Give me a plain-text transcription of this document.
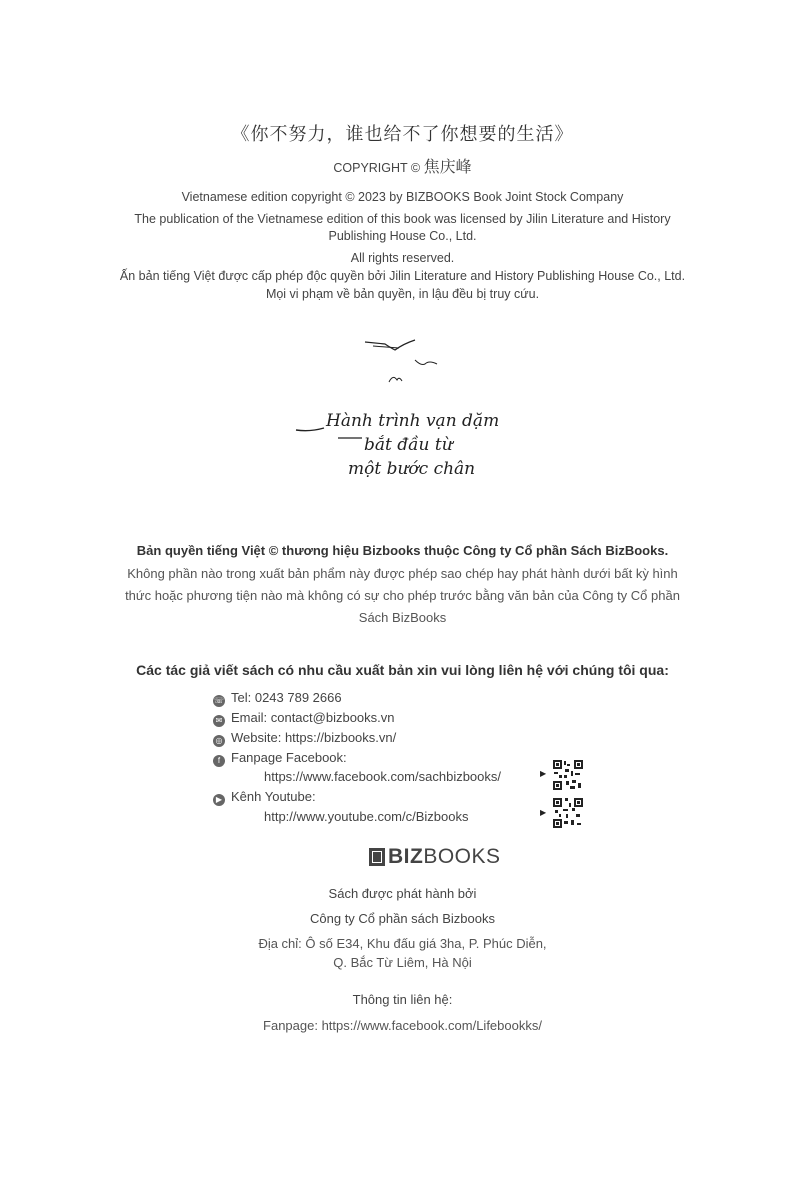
《你不努力，谁也给不了你想要的生活》
COPYRIGHT © 焦庆峰
Vietnamese edition copyright © 2023 by BIZBOOKS Book Joint Stock Company
The publication of the Vietnamese edition of this book was licensed by Jilin Literature and History
Publishing House Co., Ltd.
All rights reserved.
Ấn bản tiếng Việt được cấp phép độc quyền bởi Jilin Literature and History Publishing House Co., Ltd.
Mọi vi phạm về bản quyền, in lậu đều bị truy cứu.
Hành trình vạn dặm
bắt đầu từ
một bước chân
Bản quyền tiếng Việt © thương hiệu Bizbooks thuộc Công ty Cổ phần Sách BizBooks.
Không phần nào trong xuất bản phẩm này được phép sao chép hay phát hành dưới bất kỳ hình
thức hoặc phương tiện nào mà không có sự cho phép trước bằng văn bản của Công ty Cổ phần
Sách BizBooks
Các tác giả viết sách có nhu cầu xuất bản xin vui lòng liên hệ với chúng tôi qua:
☏ Tel: 0243 789 2666
✉ Email: contact@bizbooks.vn
◎ Website: https://bizbooks.vn/
f Fanpage Facebook:
https://www.facebook.com/sachbizbooks/	▶
▶ Kênh Youtube:
http://www.youtube.com/c/Bizbooks	▶
BIZBOOKS
Sách được phát hành bởi
Công ty Cổ phần sách Bizbooks
Địa chỉ: Ô số E34, Khu đấu giá 3ha, P. Phúc Diễn,
Q. Bắc Từ Liêm, Hà Nội
Thông tin liên hệ:
Fanpage: https://www.facebook.com/Lifebookks/
